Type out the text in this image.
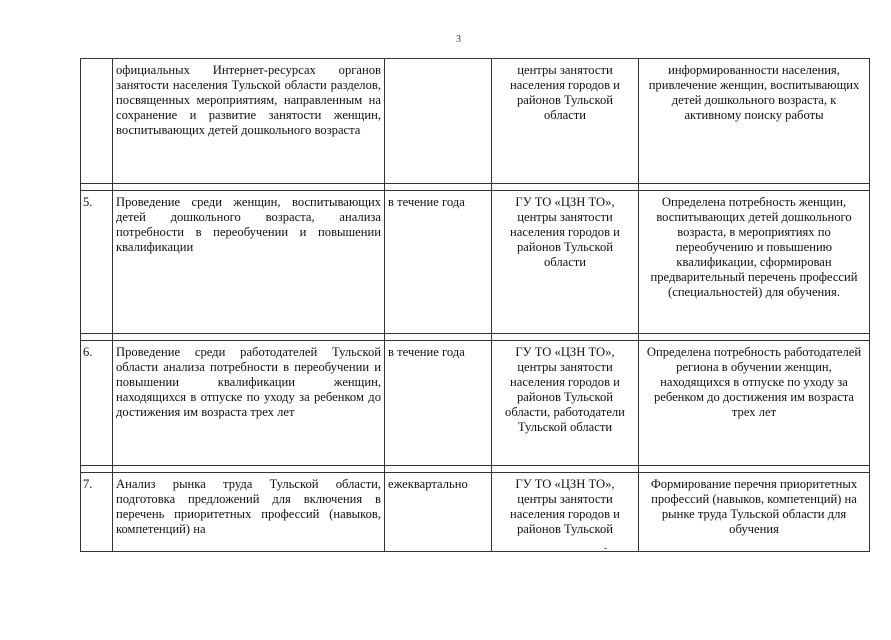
3
	официальных Интернет-ресурсах органов занятости населения Тульской области разделов, посвященных мероприятиям, направленным на сохранение и развитие занятости женщин, воспитывающих детей дошкольного возраста		центры занятости населения городов и районов Тульской области	информированности населения, привлечение женщин, воспитывающих детей дошкольного возраста, к активному поиску работы

5.	Проведение среди женщин, воспитывающих детей дошкольного возраста, анализа потребности в переобучении и повышении квалификации	в течение года	ГУ ТО «ЦЗН ТО», центры занятости населения городов и районов Тульской области	Определена потребность женщин, воспитывающих детей дошкольного возраста, в мероприятиях по переобучению и повышению квалификации, сформирован предварительный перечень профессий (специальностей) для обучения.

6.	Проведение среди работодателей Тульской области анализа потребности в переобучении и повышении квалификации женщин, находящихся в отпуске по уходу за ребенком до достижения им возраста трех лет	в течение года	ГУ ТО «ЦЗН ТО», центры занятости населения городов и районов Тульской области, работодатели Тульской области	Определена потребность работодателей региона в обучении женщин, находящихся в отпуске по уходу за ребенком до достижения им возраста трех лет

7.	Анализ рынка труда Тульской области, подготовка предложений для включения в перечень приоритетных профессий (навыков, компетенций) на	ежеквартально	ГУ ТО «ЦЗН ТО», центры занятости населения городов и районов Тульской	Формирование перечня приоритетных профессий (навыков, компетенций) на рынке труда Тульской области для обучения
